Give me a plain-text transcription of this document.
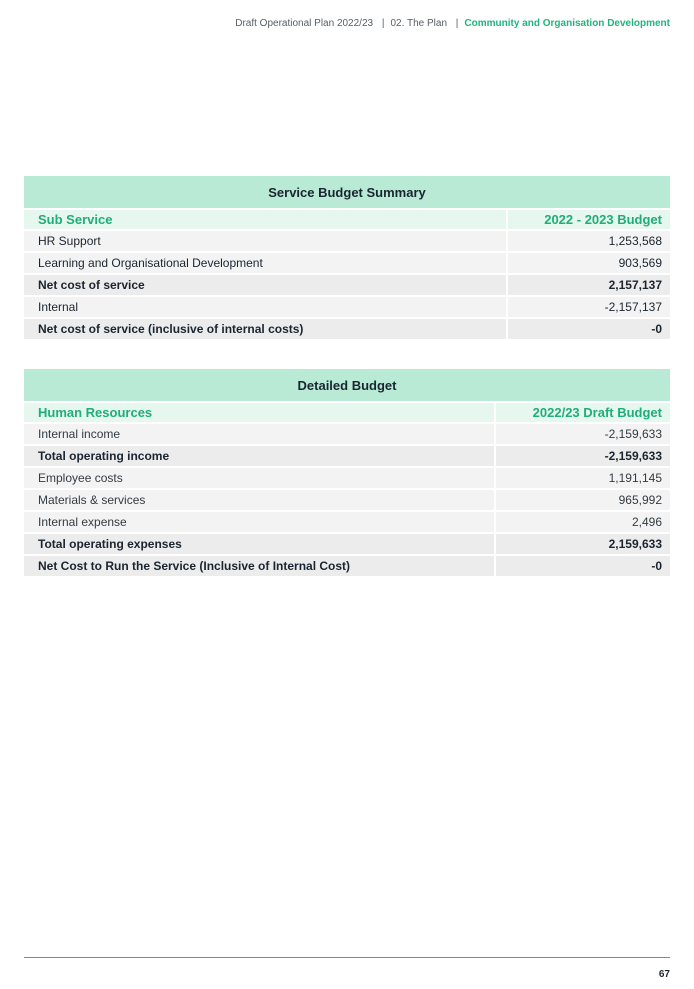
Draft Operational Plan 2022/23 | 02. The Plan | Community and Organisation Development
Service Budget Summary	
Sub Service	2022 - 2023 Budget
HR Support	1,253,568
Learning and Organisational Development	903,569
Net cost of service	2,157,137
Internal	-2,157,137
Net cost of service (inclusive of internal costs)	-0
Detailed Budget	
Human Resources	2022/23 Draft Budget
Internal income	-2,159,633
Total operating income	-2,159,633
Employee costs	1,191,145
Materials & services	965,992
Internal expense	2,496
Total operating expenses	2,159,633
Net Cost to Run the Service (Inclusive of Internal Cost)	-0
67
